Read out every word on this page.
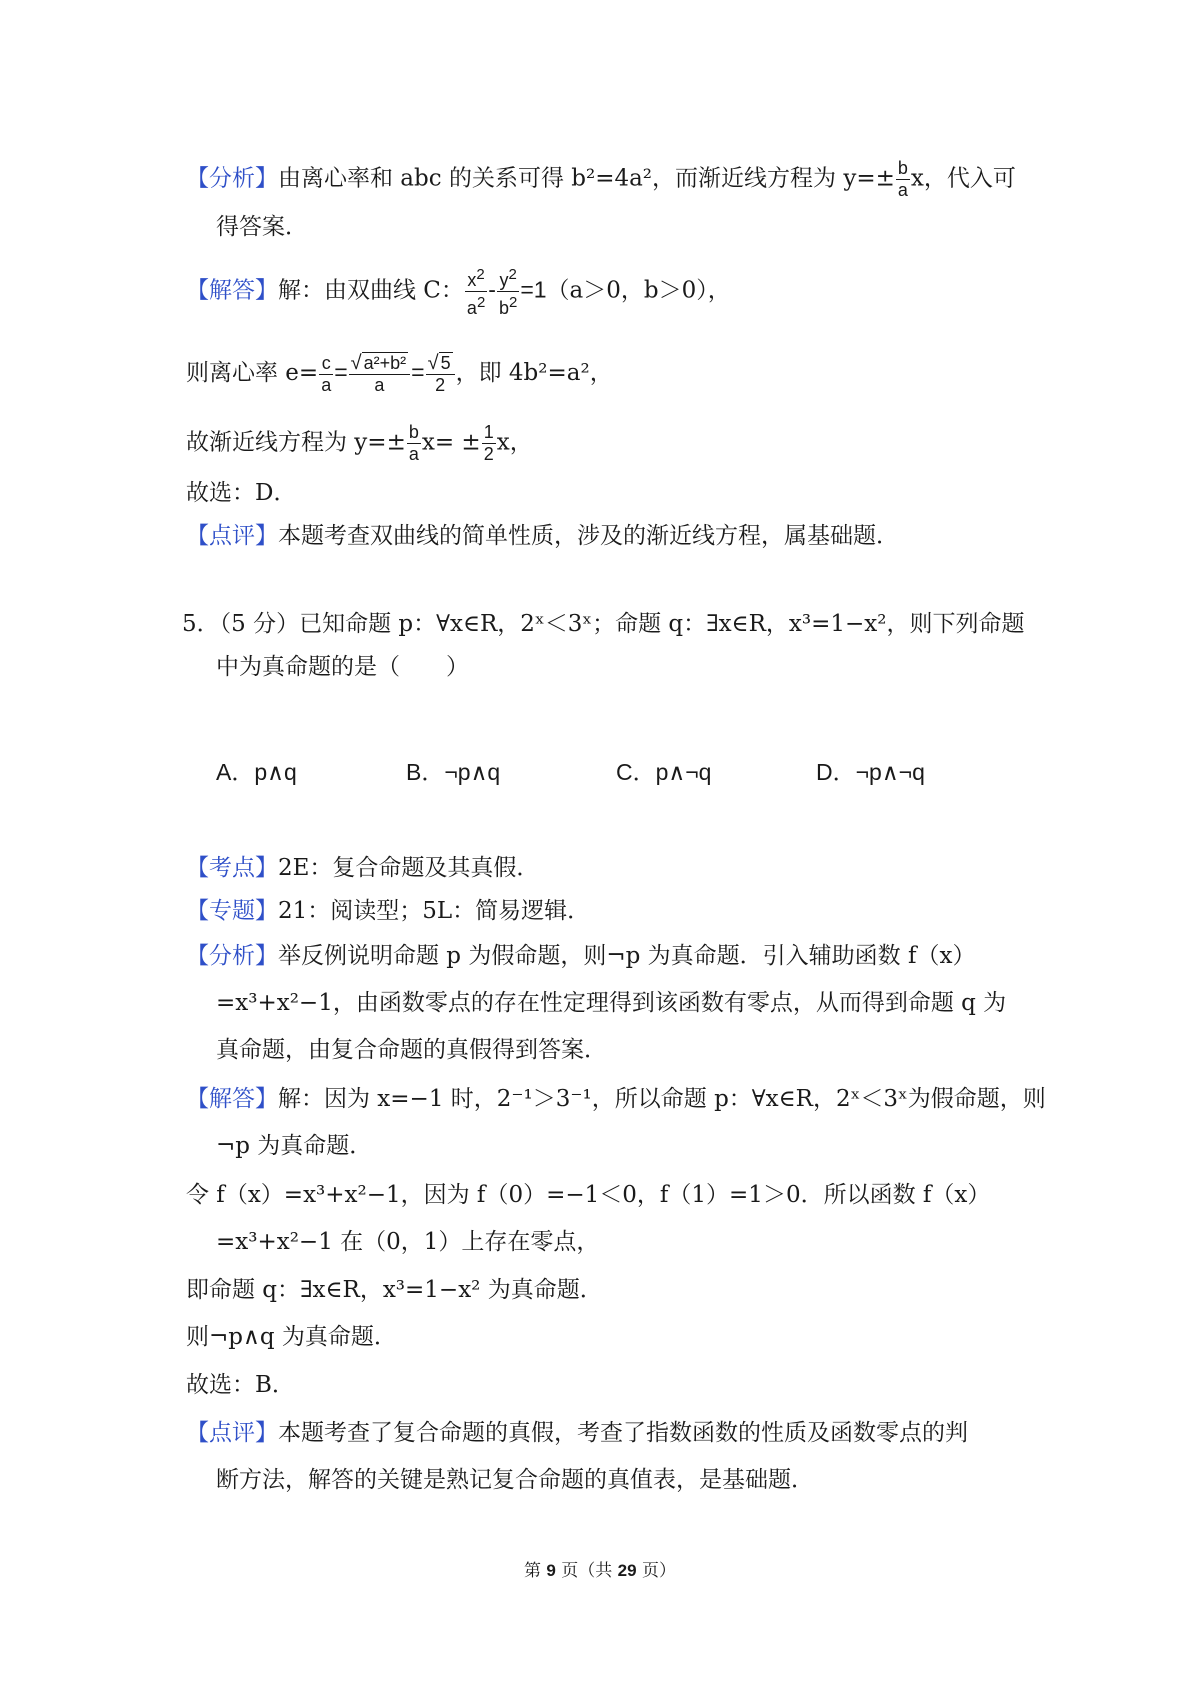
【分析】由离心率和 abc 的关系可得 b²=4a²，而渐近线方程为 $y=\pm \frac{b}{a}$ x，代入可
得答案．
【解答】解：由双曲线 C： $\frac{x^2}{a^2} - \frac{y^2}{b^2} =1(a>0$，b＞0），
则离心率 $e= \frac{c}{a} = \frac{\text{√ a²+b²}}{a} = \frac{√ 5}{2}$ ，即 4b²=a²，
故渐近线方程为 $y=\pm \frac{b}{a} x= \pm \frac{1}{2}$ x，
故选：D．
【点评】本题考查双曲线的简单性质，涉及的渐近线方程，属基础题．
5．（5 分）已知命题 p：∀x∈R，2ˣ＜3ˣ；命题 q：∃x∈R，x³=1−x²，则下列命题
中为真命题的是（　　）
A．p∧q	B．¬p∧q	C．p∧¬q	D．¬p∧¬q
【考点】2E：复合命题及其真假．
【专题】21：阅读型；5L：简易逻辑．
【分析】举反例说明命题 p 为假命题，则¬p 为真命题．引入辅助函数 f（x）
=x³+x²−1，由函数零点的存在性定理得到该函数有零点，从而得到命题 q 为
真命题，由复合命题的真假得到答案．
【解答】解：因为 x=−1 时，2⁻¹＞3⁻¹，所以命题 p：∀x∈R，2ˣ＜3ˣ为假命题，则
¬p 为真命题．
令 f（x）=x³+x²−1，因为 f（0）=−1＜0，f（1）=1＞0．所以函数 f（x）
=x³+x²−1 在（0，1）上存在零点，
即命题 q：∃x∈R，x³=1−x² 为真命题．
则¬p∧q 为真命题．
故选：B．
【点评】本题考查了复合命题的真假，考查了指数函数的性质及函数零点的判
断方法，解答的关键是熟记复合命题的真值表，是基础题．
第 9 页（共 29 页）
